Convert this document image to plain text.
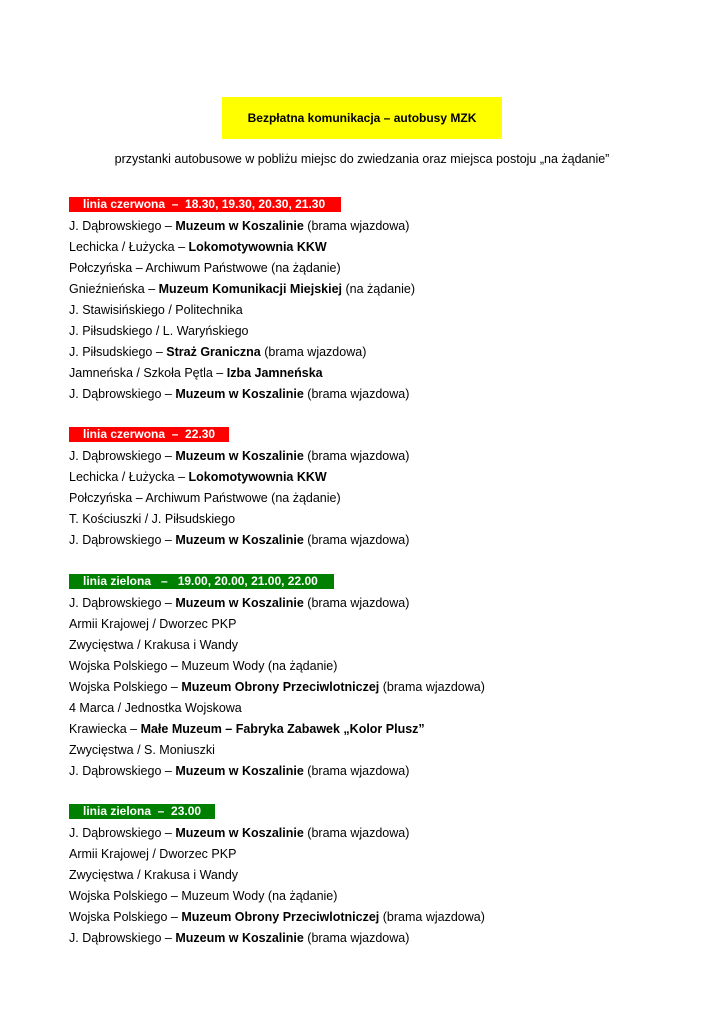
Bezpłatna komunikacja – autobusy MZK
przystanki autobusowe w pobliżu miejsc do zwiedzania oraz miejsca postoju „na żądanie”
linia czerwona  –  18.30, 19.30, 20.30, 21.30
J. Dąbrowskiego – Muzeum w Koszalinie (brama wjazdowa)
Lechicka / Łużycka – Lokomotywownia KKW
Połczyńska – Archiwum Państwowe (na żądanie)
Gnieźnieńska – Muzeum Komunikacji Miejskiej (na żądanie)
J. Stawisińskiego / Politechnika
J. Piłsudskiego / L. Waryńskiego
J. Piłsudskiego – Straż Graniczna (brama wjazdowa)
Jamneńska / Szkoła Pętla – Izba Jamneńska
J. Dąbrowskiego – Muzeum w Koszalinie (brama wjazdowa)
linia czerwona  –  22.30
J. Dąbrowskiego – Muzeum w Koszalinie (brama wjazdowa)
Lechicka / Łużycka – Lokomotywownia KKW
Połczyńska – Archiwum Państwowe (na żądanie)
T. Kościuszki / J. Piłsudskiego
J. Dąbrowskiego – Muzeum w Koszalinie (brama wjazdowa)
linia zielona   –   19.00, 20.00, 21.00, 22.00
J. Dąbrowskiego – Muzeum w Koszalinie (brama wjazdowa)
Armii Krajowej / Dworzec PKP
Zwycięstwa / Krakusa i Wandy
Wojska Polskiego – Muzeum Wody (na żądanie)
Wojska Polskiego – Muzeum Obrony Przeciwlotniczej (brama wjazdowa)
4 Marca / Jednostka Wojskowa
Krawiecka – Małe Muzeum – Fabryka Zabawek „Kolor Plusz”
Zwycięstwa / S. Moniuszki
J. Dąbrowskiego – Muzeum w Koszalinie (brama wjazdowa)
linia zielona  –  23.00
J. Dąbrowskiego – Muzeum w Koszalinie (brama wjazdowa)
Armii Krajowej / Dworzec PKP
Zwycięstwa / Krakusa i Wandy
Wojska Polskiego – Muzeum Wody (na żądanie)
Wojska Polskiego – Muzeum Obrony Przeciwlotniczej (brama wjazdowa)
J. Dąbrowskiego – Muzeum w Koszalinie (brama wjazdowa)
